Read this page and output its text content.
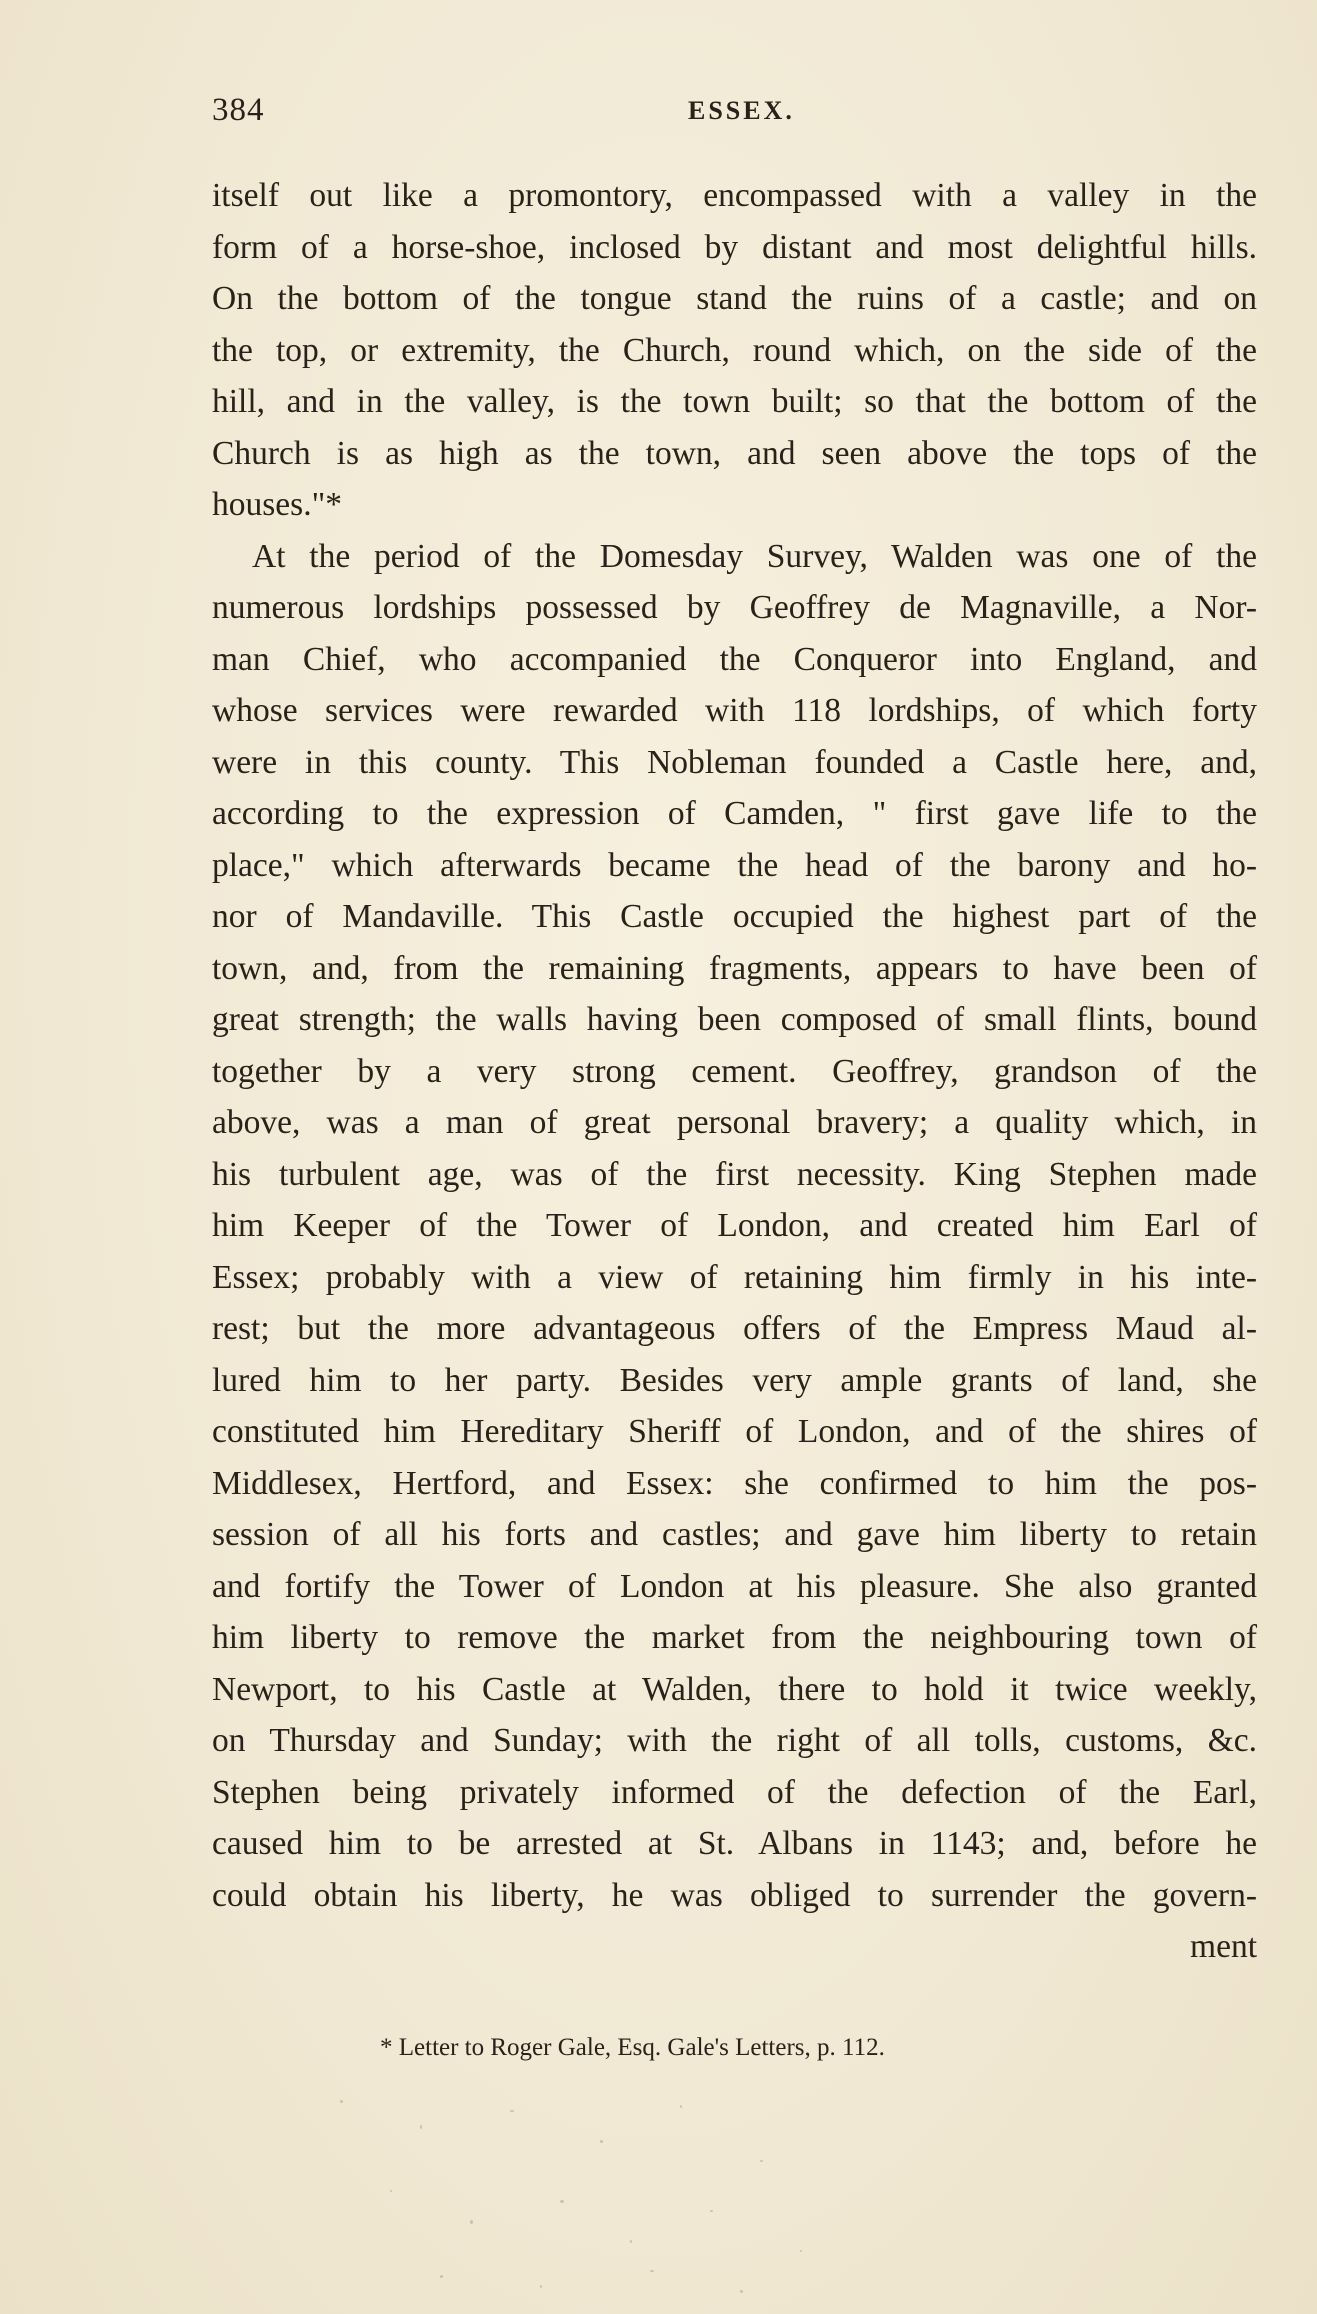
384	ESSEX.
itself out like a promontory, encompassed with a valley in the
form of a horse-shoe, inclosed by distant and most delightful hills.
On the bottom of the tongue stand the ruins of a castle; and on
the top, or extremity, the Church, round which, on the side of the
hill, and in the valley, is the town built; so that the bottom of the
Church is as high as the town, and seen above the tops of the
houses."*
At the period of the Domesday Survey, Walden was one of the
numerous lordships possessed by Geoffrey de Magnaville, a Nor-
man Chief, who accompanied the Conqueror into England, and
whose services were rewarded with 118 lordships, of which forty
were in this county. This Nobleman founded a Castle here, and,
according to the expression of Camden, " first gave life to the
place," which afterwards became the head of the barony and ho-
nor of Mandaville. This Castle occupied the highest part of the
town, and, from the remaining fragments, appears to have been of
great strength; the walls having been composed of small flints, bound
together by a very strong cement. Geoffrey, grandson of the
above, was a man of great personal bravery; a quality which, in
his turbulent age, was of the first necessity. King Stephen made
him Keeper of the Tower of London, and created him Earl of
Essex; probably with a view of retaining him firmly in his inte-
rest; but the more advantageous offers of the Empress Maud al-
lured him to her party. Besides very ample grants of land, she
constituted him Hereditary Sheriff of London, and of the shires of
Middlesex, Hertford, and Essex: she confirmed to him the pos-
session of all his forts and castles; and gave him liberty to retain
and fortify the Tower of London at his pleasure. She also granted
him liberty to remove the market from the neighbouring town of
Newport, to his Castle at Walden, there to hold it twice weekly,
on Thursday and Sunday; with the right of all tolls, customs, &c.
Stephen being privately informed of the defection of the Earl,
caused him to be arrested at St. Albans in 1143; and, before he
could obtain his liberty, he was obliged to surrender the govern-
ment
* Letter to Roger Gale, Esq. Gale's Letters, p. 112.
